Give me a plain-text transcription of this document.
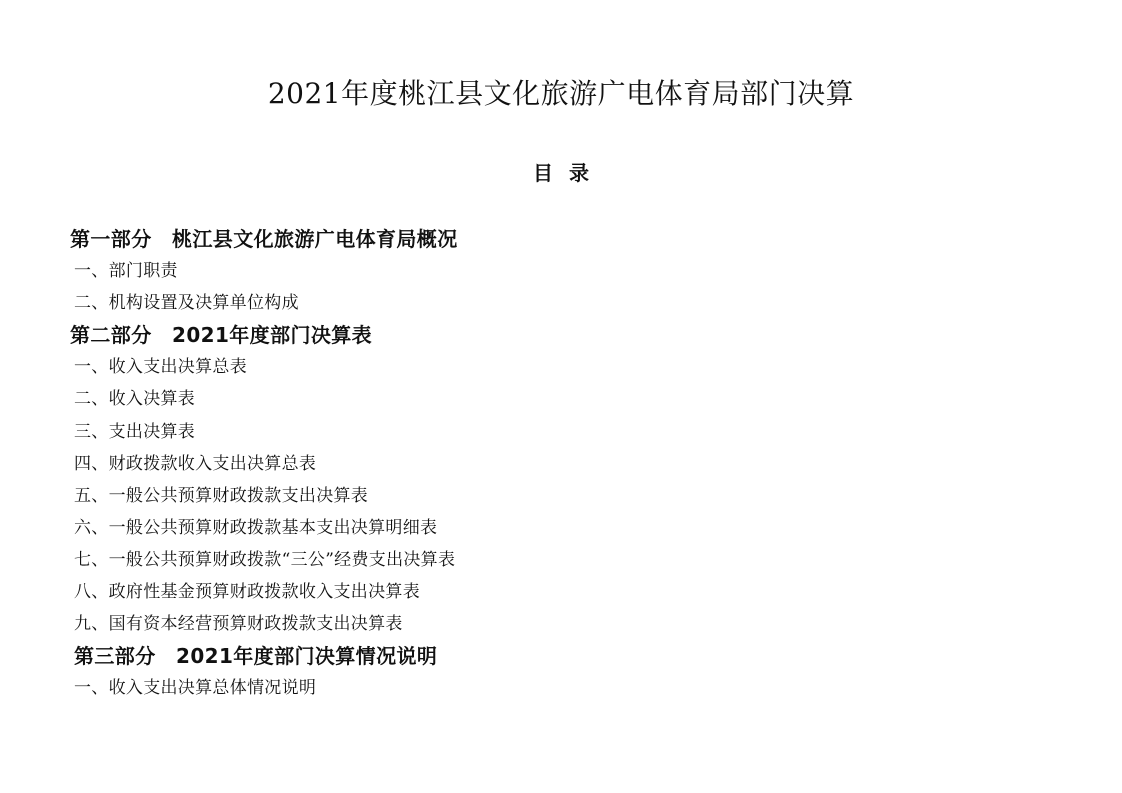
2021年度桃江县文化旅游广电体育局部门决算
目录
第一部分　桃江县文化旅游广电体育局概况
一、部门职责
二、机构设置及决算单位构成
第二部分　2021年度部门决算表
一、收入支出决算总表
二、收入决算表
三、支出决算表
四、财政拨款收入支出决算总表
五、一般公共预算财政拨款支出决算表
六、一般公共预算财政拨款基本支出决算明细表
七、一般公共预算财政拨款“三公”经费支出决算表
八、政府性基金预算财政拨款收入支出决算表
九、国有资本经营预算财政拨款支出决算表
第三部分　2021年度部门决算情况说明
一、收入支出决算总体情况说明
